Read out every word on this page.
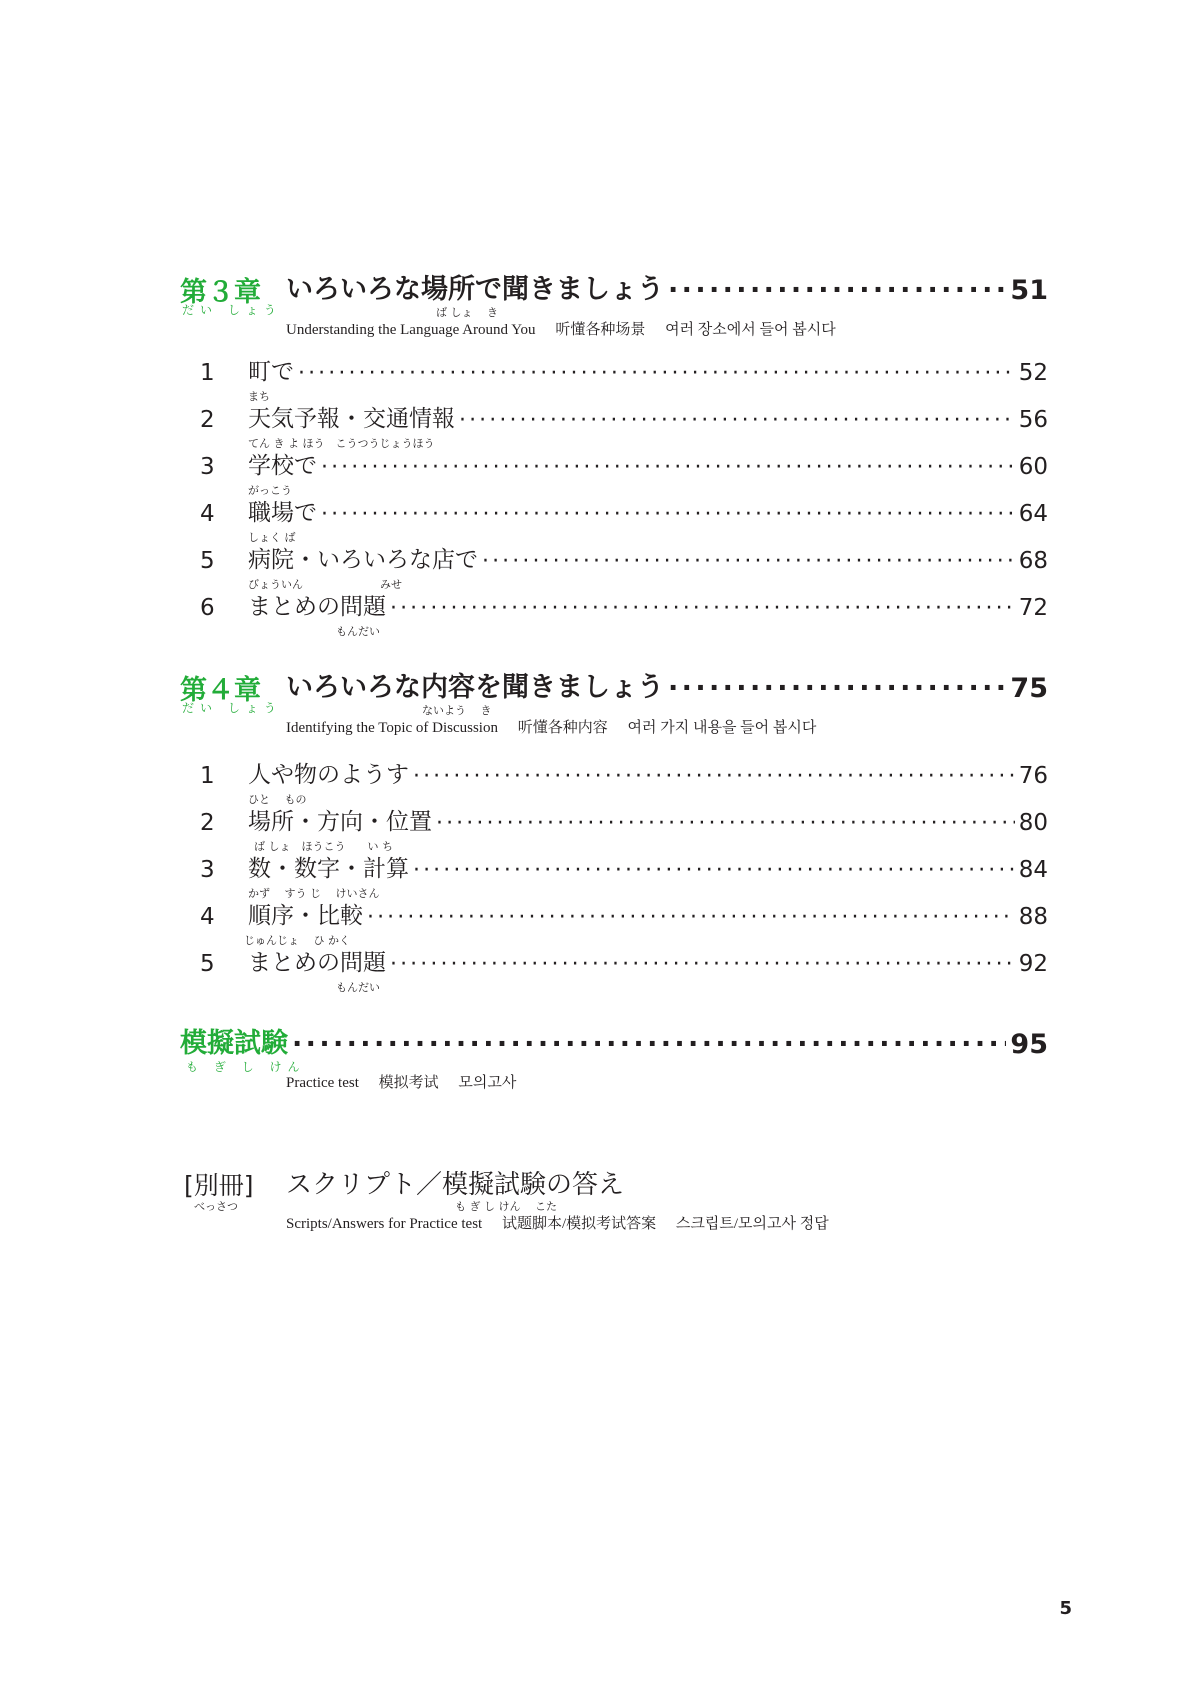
第３章
だい しょう
いろいろな場所で聞きましょう ·····	51
ば しょ　 き
Understanding the Language Around You 听懂各种场景 여러 장소에서 들어 봅시다
1	町で ·····	52
まち
2	天気予報・交通情報 ·····	56
てん き よ ほう　こうつうじょうほう
3	学校で ·····	60
がっこう
4	職場で ·····	64
しょく ば
5	病院・いろいろな店で ·····	68
びょういん　　　　　　　みせ
6	まとめの問題 ·····	72
もんだい
第４章
だい しょう
いろいろな内容を聞きましょう ·····	75
ないよう　 き
Identifying the Topic of Discussion 听懂各种内容 여러 가지 내용을 들어 봅시다
1	人や物のようす ·····	76
ひと　 もの
2	場所・方向・位置 ·····	80
ば しょ　ほうこう　　い ち
3	数・数字・計算 ·····	84
かず　 すう じ　 けいさん
4	順序・比較 ·····	88
じゅんじょ　 ひ かく
5	まとめの問題 ·····	92
もんだい
模擬試験 ·····	95
も ぎ し けん
Practice test 模拟考试 모의고사
[別冊]
べっさつ
スクリプト／模擬試験の答え
も ぎ し けん　 こた
Scripts/Answers for Practice test 试题脚本/模拟考试答案 스크립트/모의고사 정답
5
